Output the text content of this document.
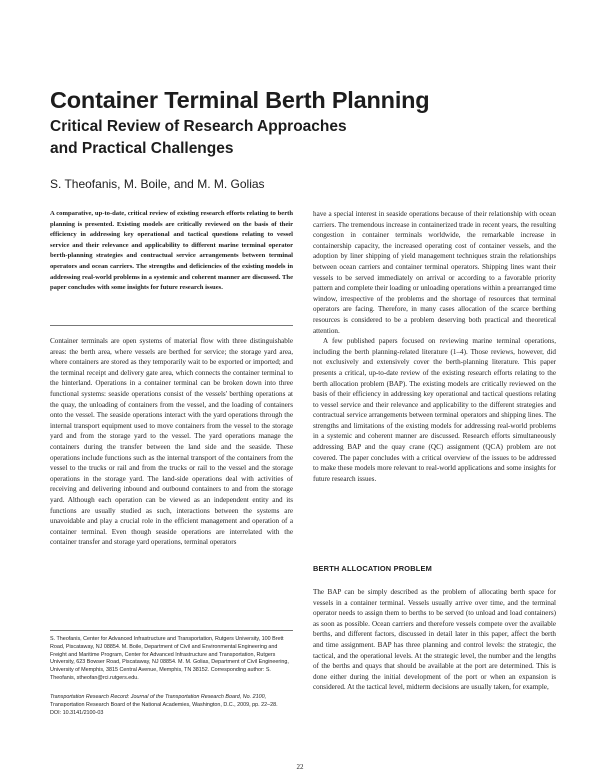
Container Terminal Berth Planning
Critical Review of Research Approaches
and Practical Challenges

S. Theofanis, M. Boile, and M. M. Golias

A comparative, up-to-date, critical review of existing research efforts relating to berth planning is presented. Existing models are critically reviewed on the basis of their efficiency in addressing key operational and tactical questions relating to vessel service and their relevance and applicability to different marine terminal operator berth-planning strategies and contractual service arrangements between terminal operators and ocean carriers. The strengths and deficiencies of the existing models in addressing real-world problems in a systemic and coherent manner are discussed. The paper concludes with some insights for future research issues.

Container terminals are open systems of material flow with three distinguishable areas: the berth area, where vessels are berthed for service; the storage yard area, where containers are stored as they temporarily wait to be exported or imported; and the terminal receipt and delivery gate area, which connects the container terminal to the hinterland. Operations in a container terminal can be broken down into three functional systems: seaside operations consist of the vessels' berthing operations at the quay, the unloading of containers from the vessel, and the loading of containers onto the vessel. The seaside operations interact with the yard operations through the internal transport equipment used to move containers from the vessel to the storage yard and from the storage yard to the vessel. The yard operations manage the containers during the transfer between the land side and the seaside. These operations include functions such as the internal transport of the containers from the vessel to the trucks or rail and from the trucks or rail to the vessel and the storage operations in the storage yard. The land-side operations deal with activities of receiving and delivering inbound and outbound containers to and from the storage yard. Although each operation can be viewed as an independent entity and its functions are usually studied as such, interactions between the systems are unavoidable and play a crucial role in the efficient management and operation of a container terminal. Even though seaside operations are interrelated with the container transfer and storage yard operations, terminal operators

S. Theofanis, Center for Advanced Infrastructure and Transportation, Rutgers University, 100 Brett Road, Piscataway, NJ 08854. M. Boile, Department of Civil and Environmental Engineering and Freight and Maritime Program, Center for Advanced Infrastructure and Transportation, Rutgers University, 623 Bowser Road, Piscataway, NJ 08854. M. M. Golias, Department of Civil Engineering, University of Memphis, 3815 Central Avenue, Memphis, TN 38152. Corresponding author: S. Theofanis, stheofan@rci.rutgers.edu.

Transportation Research Record: Journal of the Transportation Research Board, No. 2100, Transportation Research Board of the National Academies, Washington, D.C., 2009, pp. 22–28.
DOI: 10.3141/2100-03

have a special interest in seaside operations because of their relationship with ocean carriers. The tremendous increase in containerized trade in recent years, the resulting congestion in container terminals worldwide, the remarkable increase in containership capacity, the increased operating cost of container vessels, and the adoption by liner shipping of yield management techniques strain the relationships between ocean carriers and container terminal operators. Shipping lines want their vessels to be served immediately on arrival or according to a favorable priority pattern and complete their loading or unloading operations within a prearranged time window, irrespective of the problems and the shortage of resources that terminal operators are facing. Therefore, in many cases allocation of the scarce berthing resources is considered to be a problem deserving both practical and theoretical attention.

A few published papers focused on reviewing marine terminal operations, including the berth planning-related literature (1–4). Those reviews, however, did not exclusively and extensively cover the berth-planning literature. This paper presents a critical, up-to-date review of the existing research efforts relating to the berth allocation problem (BAP). The existing models are critically reviewed on the basis of their efficiency in addressing key operational and tactical questions relating to vessel service and their relevance and applicability to the different strategies and contractual service arrangements between terminal operators and shipping lines. The strengths and limitations of the existing models for addressing real-world problems in a systemic and coherent manner are discussed. Research efforts simultaneously addressing BAP and the quay crane (QC) assignment (QCA) problem are not covered. The paper concludes with a critical overview of the issues to be addressed to make these models more relevant to real-world applications and some insights for future research issues.

BERTH ALLOCATION PROBLEM

The BAP can be simply described as the problem of allocating berth space for vessels in a container terminal. Vessels usually arrive over time, and the terminal operator needs to assign them to berths to be served (to unload and load containers) as soon as possible. Ocean carriers and therefore vessels compete over the available berths, and different factors, discussed in detail later in this paper, affect the berth and time assignment. BAP has three planning and control levels: the strategic, the tactical, and the operational levels. At the strategic level, the number and the lengths of the berths and quays that should be available at the port are determined. This is done either during the initial development of the port or when an expansion is considered. At the tactical level, midterm decisions are usually taken, for example,

22
